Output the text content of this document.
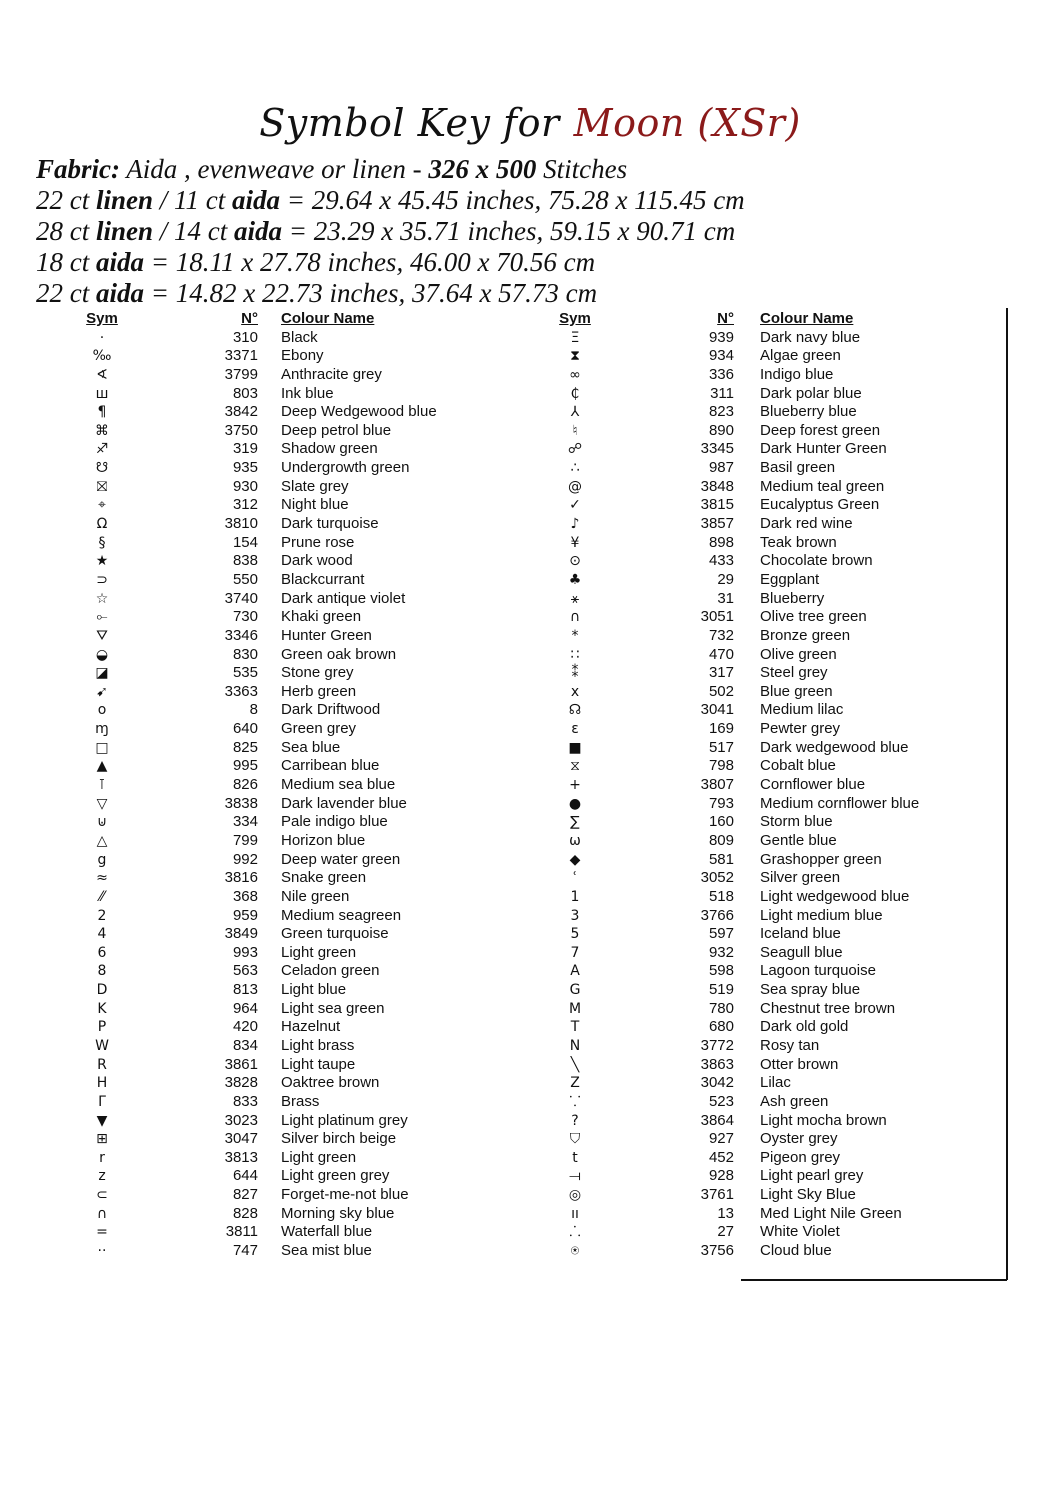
Symbol Key for Moon (XSr)
Fabric: Aida , evenweave or linen - 326 x 500 Stitches
22 ct linen / 11 ct aida = 29.64 x 45.45 inches, 75.28 x 115.45 cm
28 ct linen / 14 ct aida = 23.29 x 35.71 inches, 59.15 x 90.71 cm
18 ct aida = 18.11 x 27.78 inches, 46.00 x 70.56 cm
22 ct aida = 14.82 x 22.73 inches, 37.64 x 57.73 cm
Sym	N°	Colour Name
·	310	Black
‰	3371	Ebony
∢	3799	Anthracite grey
ш	803	Ink blue
¶	3842	Deep Wedgewood blue
⌘	3750	Deep petrol blue
♐	319	Shadow green
☋	935	Undergrowth green
⛝	930	Slate grey
⌖	312	Night blue
Ω	3810	Dark turquoise
§	154	Prune rose
★	838	Dark wood
⊃	550	Blackcurrant
☆	3740	Dark antique violet
⟜	730	Khaki green
⛛	3346	Hunter Green
◒	830	Green oak brown
◪	535	Stone grey
➹	3363	Herb green
o	8	Dark Driftwood
ɱ	640	Green grey
□	825	Sea blue
▲	995	Carribean blue
⊺	826	Medium sea blue
▽	3838	Dark lavender blue
⊍	334	Pale indigo blue
△	799	Horizon blue
g	992	Deep water green
≈	3816	Snake green
⁄⁄	368	Nile green
2	959	Medium seagreen
4	3849	Green turquoise
6	993	Light green
8	563	Celadon green
D	813	Light blue
K	964	Light sea green
P	420	Hazelnut
W	834	Light brass
R	3861	Light taupe
H	3828	Oaktree brown
Γ	833	Brass
▼	3023	Light platinum grey
⊞	3047	Silver birch beige
r	3813	Light green
z	644	Light green grey
⊂	827	Forget-me-not blue
∩	828	Morning sky blue
=	3811	Waterfall blue
··	747	Sea mist blue
Sym	N°	Colour Name
Ξ	939	Dark navy blue
⧗	934	Algae green
∞	336	Indigo blue
₵	311	Dark polar blue
⅄	823	Blueberry blue
♮	890	Deep forest green
☍	3345	Dark Hunter Green
∴	987	Basil green
@	3848	Medium teal green
✓	3815	Eucalyptus Green
♪	3857	Dark red wine
¥	898	Teak brown
⊙	433	Chocolate brown
♣	29	Eggplant
⚹	31	Blueberry
∩	3051	Olive tree green
*	732	Bronze green
∷	470	Olive green
⁑	317	Steel grey
x	502	Blue green
☊	3041	Medium lilac
ɛ	169	Pewter grey
■	517	Dark wedgewood blue
⧖	798	Cobalt blue
+	3807	Cornflower blue
●	793	Medium cornflower blue
∑	160	Storm blue
ω	809	Gentle blue
◆	581	Grashopper green
ʿ	3052	Silver green
1	518	Light wedgewood blue
3	3766	Light medium blue
5	597	Iceland blue
7	932	Seagull blue
A	598	Lagoon turquoise
G	519	Sea spray blue
M	780	Chestnut tree brown
T	680	Dark old gold
N	3772	Rosy tan
╲	3863	Otter brown
Z	3042	Lilac
⸪	523	Ash green
?	3864	Light mocha brown
⛉	927	Oyster grey
t	452	Pigeon grey
⟞	928	Light pearl grey
◎	3761	Light Sky Blue
ıı	13	Med Light Nile Green
⸫	27	White Violet
⍟	3756	Cloud blue
